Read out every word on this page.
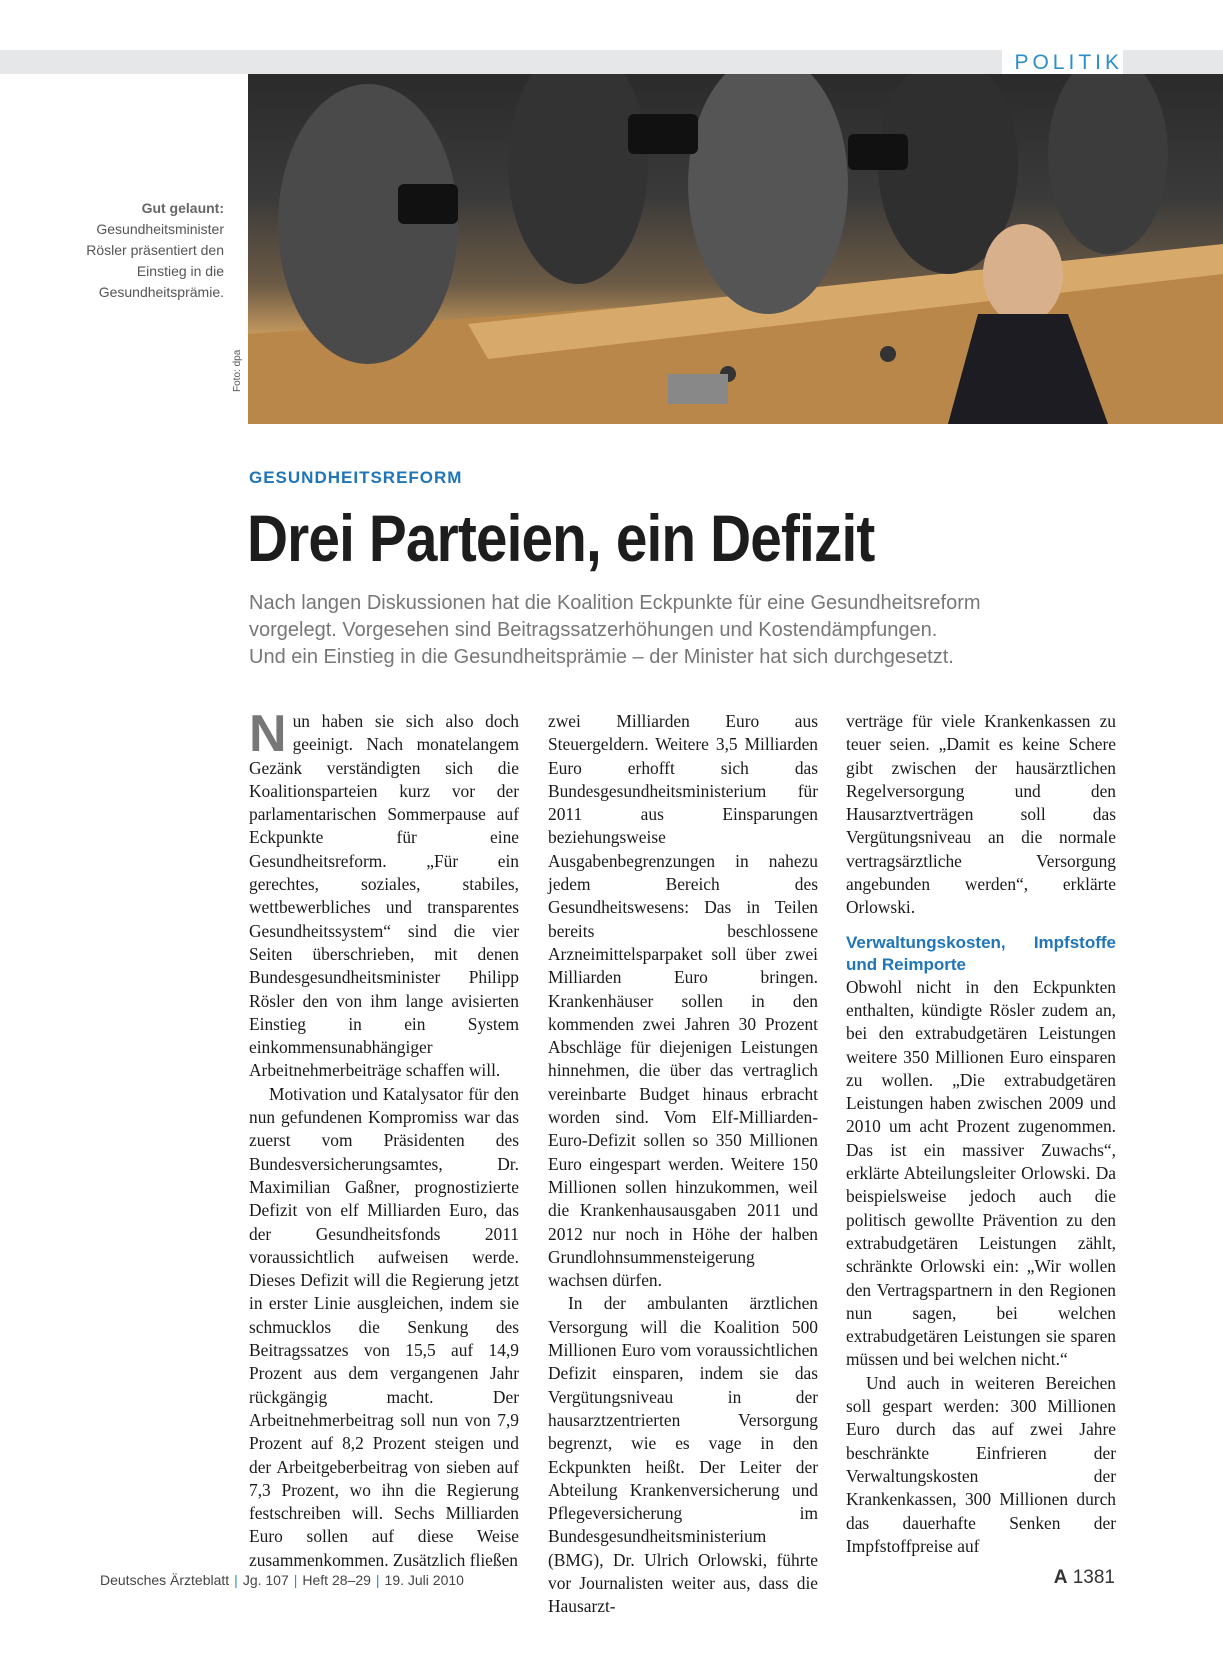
POLITIK
Foto: dpa
Gut gelaunt:
Gesundheitsminister Rösler präsentiert den Einstieg in die Gesundheitsprämie.
GESUNDHEITSREFORM
Drei Parteien, ein Defizit
Nach langen Diskussionen hat die Koalition Eckpunkte für eine Gesundheitsreform
vorgelegt. Vorgesehen sind Beitragssatzerhöhungen und Kostendämpfungen.
Und ein Einstieg in die Gesundheitsprämie – der Minister hat sich durchgesetzt.

Nun haben sie sich also doch geeinigt. Nach monatelangem Gezänk verständigten sich die Koalitionsparteien kurz vor der parlamentarischen Sommerpause auf Eckpunkte für eine Gesundheitsreform. „Für ein gerechtes, soziales, stabiles, wettbewerbliches und transparentes Gesundheitssystem“ sind die vier Seiten überschrieben, mit denen Bundesgesundheitsminister Philipp Rösler den von ihm lange avisierten Einstieg in ein System einkommensunabhängiger Arbeitnehmerbeiträge schaffen will.

Motivation und Katalysator für den nun gefundenen Kompromiss war das zuerst vom Präsidenten des Bundesversicherungsamtes, Dr. Maximilian Gaßner, prognostizierte Defizit von elf Milliarden Euro, das der Gesundheitsfonds 2011 voraussichtlich aufweisen werde. Dieses Defizit will die Regierung jetzt in erster Linie ausgleichen, indem sie schmucklos die Senkung des Beitragssatzes von 15,5 auf 14,9 Prozent aus dem vergangenen Jahr rückgängig macht. Der Arbeitnehmerbeitrag soll nun von 7,9 Prozent auf 8,2 Prozent steigen und der Arbeitgeberbeitrag von sieben auf 7,3 Prozent, wo ihn die Regierung festschreiben will. Sechs Milliarden Euro sollen auf diese Weise zusammenkommen. Zusätzlich fließen

zwei Milliarden Euro aus Steuergeldern. Weitere 3,5 Milliarden Euro erhofft sich das Bundesgesundheitsministerium für 2011 aus Einsparungen beziehungsweise Ausgabenbegrenzungen in nahezu jedem Bereich des Gesundheitswesens: Das in Teilen bereits beschlossene Arzneimittelsparpaket soll über zwei Milliarden Euro bringen. Krankenhäuser sollen in den kommenden zwei Jahren 30 Prozent Abschläge für diejenigen Leistungen hinnehmen, die über das vertraglich vereinbarte Budget hinaus erbracht worden sind. Vom Elf-Milliarden-Euro-Defizit sollen so 350 Millionen Euro eingespart werden. Weitere 150 Millionen sollen hinzukommen, weil die Krankenhausausgaben 2011 und 2012 nur noch in Höhe der halben Grundlohnsummensteigerung wachsen dürfen.

In der ambulanten ärztlichen Versorgung will die Koalition 500 Millionen Euro vom voraussichtlichen Defizit einsparen, indem sie das Vergütungsniveau in der hausarztzentrierten Versorgung begrenzt, wie es vage in den Eckpunkten heißt. Der Leiter der Abteilung Krankenversicherung und Pflegeversicherung im Bundesgesundheitsministerium (BMG), Dr. Ulrich Orlowski, führte vor Journalisten weiter aus, dass die Hausarzt-

verträge für viele Krankenkassen zu teuer seien. „Damit es keine Schere gibt zwischen der hausärztlichen Regelversorgung und den Hausarztverträgen soll das Vergütungsniveau an die normale vertragsärztliche Versorgung angebunden werden“, erklärte Orlowski.

Verwaltungskosten, Impfstoffe und Reimporte

Obwohl nicht in den Eckpunkten enthalten, kündigte Rösler zudem an, bei den extrabudgetären Leistungen weitere 350 Millionen Euro einsparen zu wollen. „Die extrabudgetären Leistungen haben zwischen 2009 und 2010 um acht Prozent zugenommen. Das ist ein massiver Zuwachs“, erklärte Abteilungsleiter Orlowski. Da beispielsweise jedoch auch die politisch gewollte Prävention zu den extrabudgetären Leistungen zählt, schränkte Orlowski ein: „Wir wollen den Vertragspartnern in den Regionen nun sagen, bei welchen extrabudgetären Leistungen sie sparen müssen und bei welchen nicht.“

Und auch in weiteren Bereichen soll gespart werden: 300 Millionen Euro durch das auf zwei Jahre beschränkte Einfrieren der Verwaltungskosten der Krankenkassen, 300 Millionen durch das dauerhafte Senken der Impfstoffpreise auf

Deutsches Ärzteblatt | Jg. 107 | Heft 28–29 | 19. Juli 2010	A 1381
